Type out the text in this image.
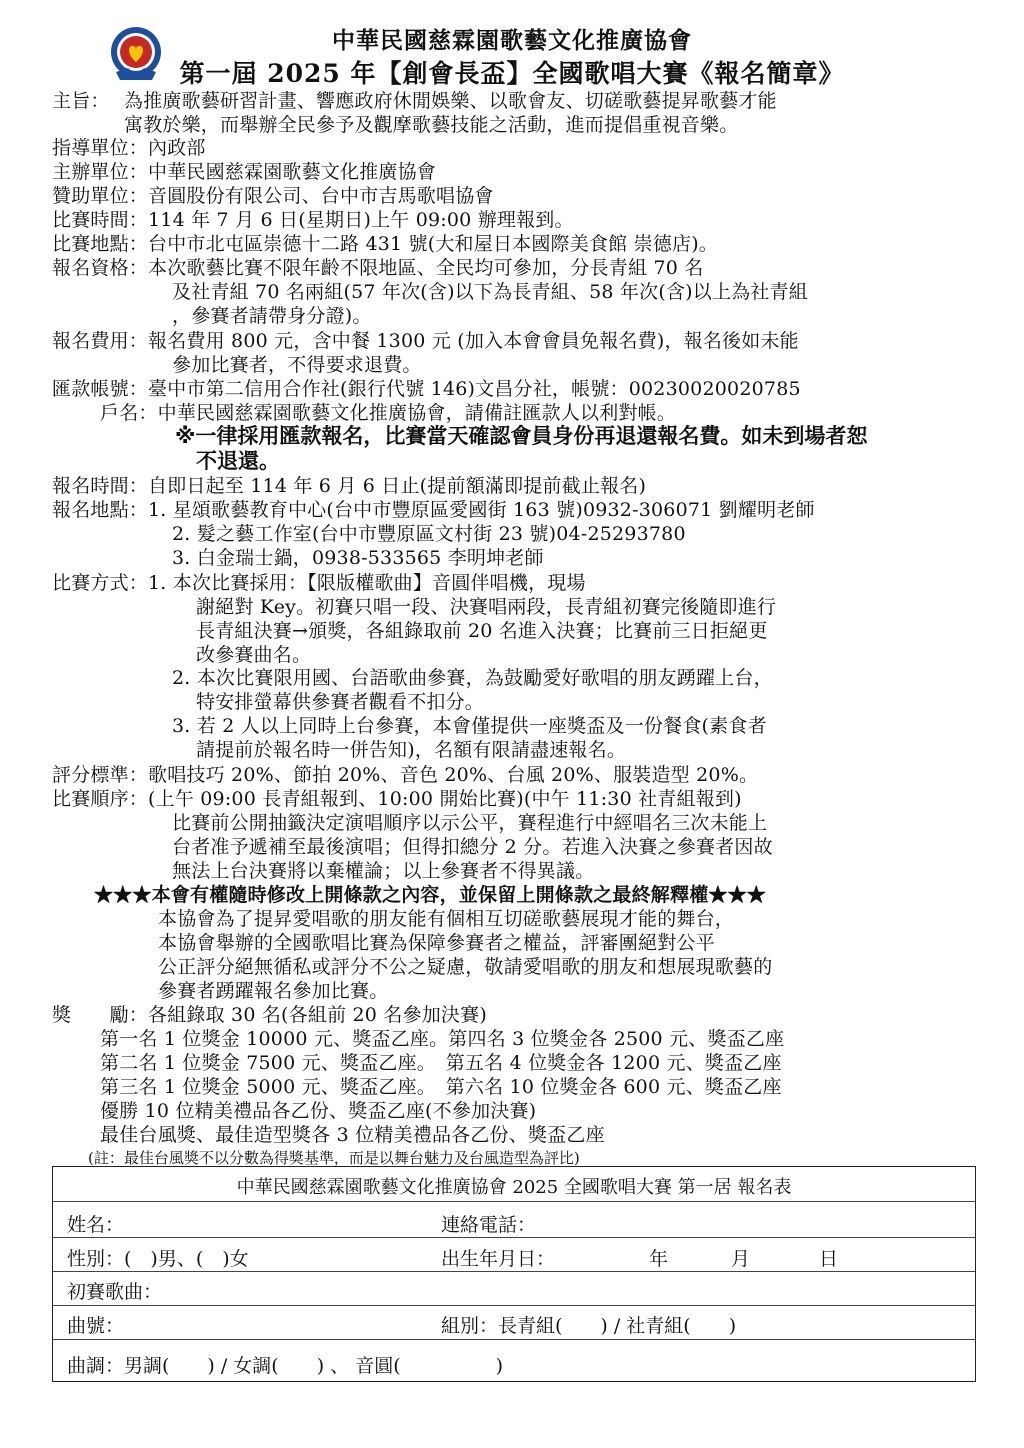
中華民國慈霖園歌藝文化推廣協會
第一屆 2025 年【創會長盃】全國歌唱大賽《報名簡章》
主旨： 為推廣歌藝研習計畫、響應政府休閒娛樂、以歌會友、切磋歌藝提昇歌藝才能
寓教於樂，而舉辦全民參予及觀摩歌藝技能之活動，進而提倡重視音樂。
指導單位：內政部
主辦單位：中華民國慈霖園歌藝文化推廣協會
贊助單位：音圓股份有限公司、台中市吉馬歌唱協會
比賽時間：114 年 7 月 6 日(星期日)上午 09:00 辦理報到。
比賽地點：台中市北屯區崇德十二路 431 號(大和屋日本國際美食館 崇德店)。
報名資格：本次歌藝比賽不限年齡不限地區、全民均可參加，分長青組 70 名
及社青組 70 名兩組(57 年次(含)以下為長青組、58 年次(含)以上為社青組
，參賽者請帶身分證)。
報名費用：報名費用 800 元，含中餐 1300 元 (加入本會會員免報名費)，報名後如未能
參加比賽者，不得要求退費。
匯款帳號：臺中市第二信用合作社(銀行代號 146)文昌分社，帳號：00230020020785
戶名：中華民國慈霖園歌藝文化推廣協會，請備註匯款人以利對帳。
※一律採用匯款報名，比賽當天確認會員身份再退還報名費。如未到場者恕
不退還。
報名時間：自即日起至 114 年 6 月 6 日止(提前額滿即提前截止報名)
報名地點：1. 星頌歌藝教育中心(台中市豐原區愛國街 163 號)0932-306071 劉耀明老師
2. 髮之藝工作室(台中市豐原區文村街 23 號)04-25293780
3. 白金瑞士鍋，0938-533565 李明坤老師
比賽方式：1. 本次比賽採用：【限版權歌曲】音圓伴唱機，現場
謝絕對 Key。初賽只唱一段、決賽唱兩段，長青組初賽完後隨即進行
長青組決賽→頒獎，各組錄取前 20 名進入決賽；比賽前三日拒絕更
改參賽曲名。
2. 本次比賽限用國、台語歌曲參賽，為鼓勵愛好歌唱的朋友踴躍上台，
特安排螢幕供參賽者觀看不扣分。
3. 若 2 人以上同時上台參賽，本會僅提供一座獎盃及一份餐食(素食者
請提前於報名時一併告知)，名額有限請盡速報名。
評分標準：歌唱技巧 20%、節拍 20%、音色 20%、台風 20%、服裝造型 20%。
比賽順序：(上午 09:00 長青組報到、10:00 開始比賽)(中午 11:30 社青組報到)
比賽前公開抽籤決定演唱順序以示公平，賽程進行中經唱名三次未能上
台者准予遞補至最後演唱；但得扣總分 2 分。若進入決賽之參賽者因故
無法上台決賽將以棄權論；以上參賽者不得異議。
★★★本會有權隨時修改上開條款之內容，並保留上開條款之最終解釋權★★★
本協會為了提昇愛唱歌的朋友能有個相互切磋歌藝展現才能的舞台，
本協會舉辦的全國歌唱比賽為保障參賽者之權益，評審團絕對公平
公正評分絕無循私或評分不公之疑慮，敬請愛唱歌的朋友和想展現歌藝的
參賽者踴躍報名參加比賽。
獎　　勵：各組錄取 30 名(各組前 20 名參加決賽)
第一名 1 位獎金 10000 元、獎盃乙座。第四名 3 位獎金各 2500 元、獎盃乙座
第二名 1 位獎金 7500 元、獎盃乙座。　第五名 4 位獎金各 1200 元、獎盃乙座
第三名 1 位獎金 5000 元、獎盃乙座。　第六名 10 位獎金各 600 元、獎盃乙座
優勝 10 位精美禮品各乙份、獎盃乙座(不參加決賽)
最佳台風獎、最佳造型獎各 3 位精美禮品各乙份、獎盃乙座
(註：最佳台風獎不以分數為得獎基準，而是以舞台魅力及台風造型為評比)
中華民國慈霖園歌藝文化推廣協會 2025 全國歌唱大賽 第一居 報名表
姓名：	連絡電話：
性別：(　)男、(　)女	出生年月日：	年	月	日
初賽歌曲：
曲號：	組別：長青組(　　) / 社青組(　　)
曲調：男調(　　) / 女調(　　) 、 音圓(　　　　　)
